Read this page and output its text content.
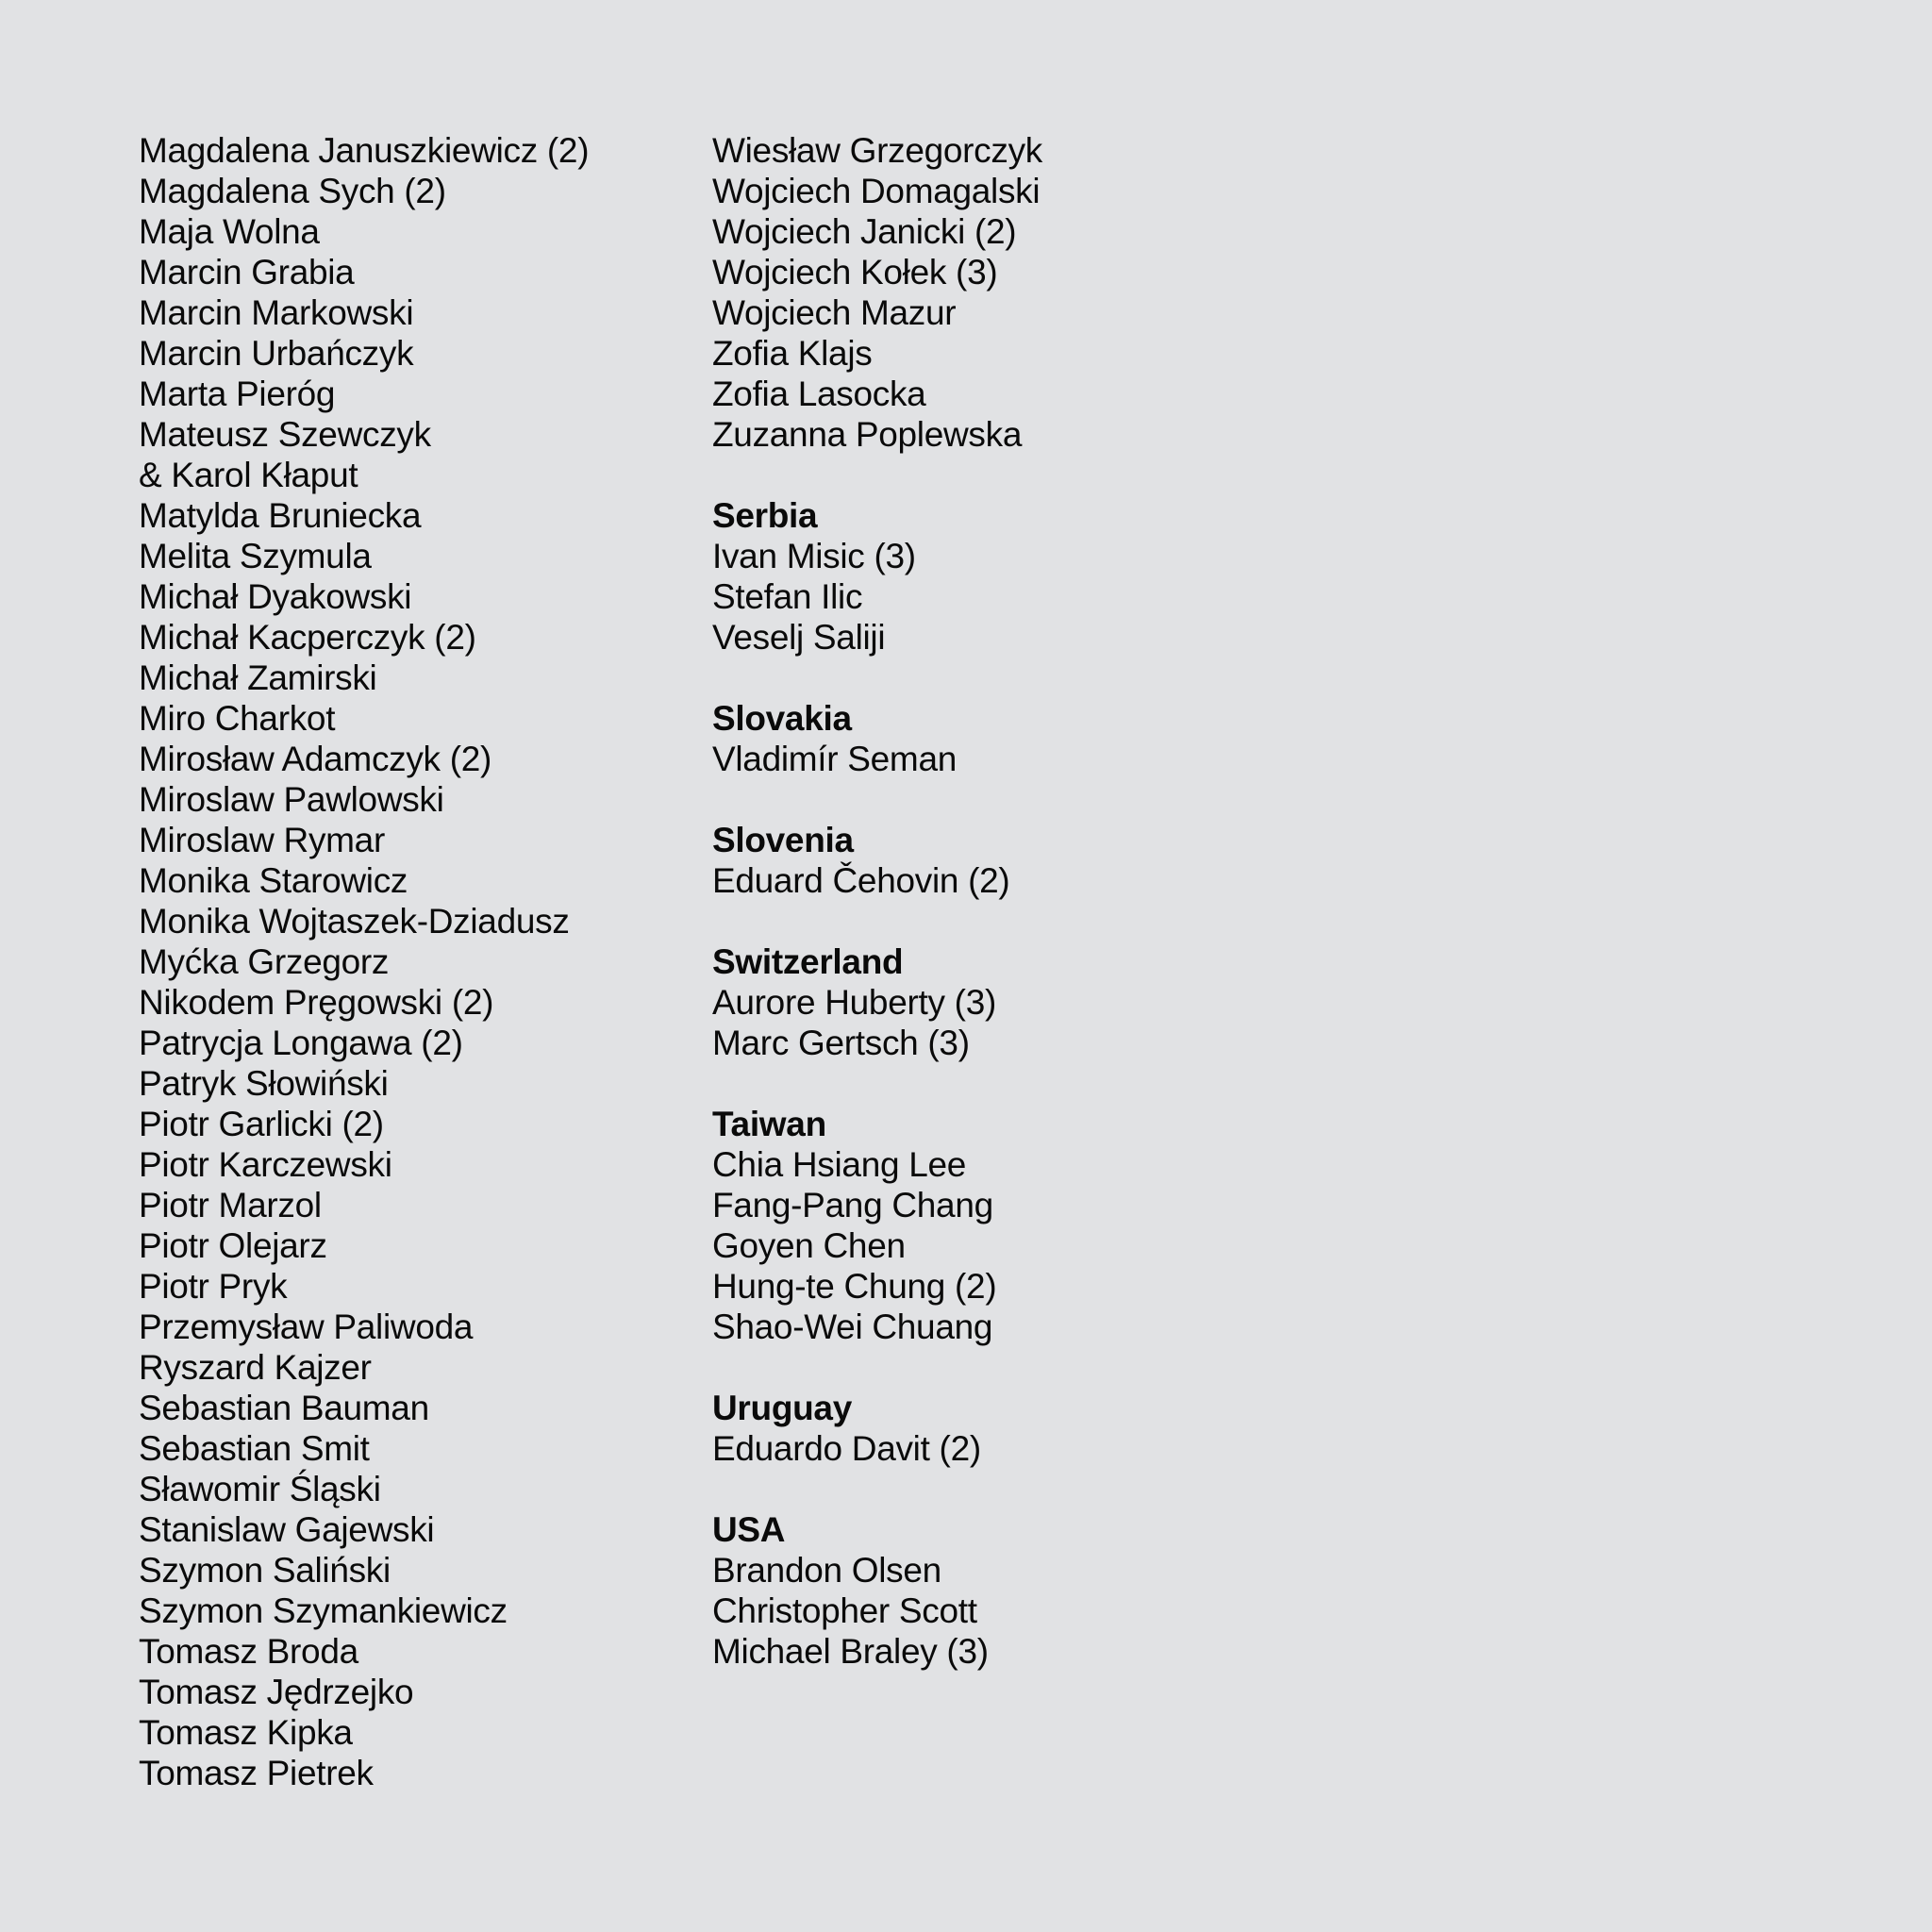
Magdalena Januszkiewicz (2)
Magdalena Sych (2)
Maja Wolna
Marcin Grabia
Marcin Markowski
Marcin Urbańczyk
Marta Pieróg
Mateusz Szewczyk
& Karol Kłaput
Matylda Bruniecka
Melita Szymula
Michał Dyakowski
Michał Kacperczyk (2)
Michał Zamirski
Miro Charkot
Mirosław Adamczyk (2)
Miroslaw Pawlowski
Miroslaw Rymar
Monika Starowicz
Monika Wojtaszek-Dziadusz
Myćka Grzegorz
Nikodem Pręgowski (2)
Patrycja Longawa (2)
Patryk Słowiński
Piotr Garlicki (2)
Piotr Karczewski
Piotr Marzol
Piotr Olejarz
Piotr Pryk
Przemysław Paliwoda
Ryszard Kajzer
Sebastian Bauman
Sebastian Smit
Sławomir Śląski
Stanislaw Gajewski
Szymon Saliński
Szymon Szymankiewicz
Tomasz Broda
Tomasz Jędrzejko
Tomasz Kipka
Tomasz Pietrek
Wiesław Grzegorczyk
Wojciech Domagalski
Wojciech Janicki (2)
Wojciech Kołek (3)
Wojciech Mazur
Zofia Klajs
Zofia Lasocka
Zuzanna Poplewska
Serbia
Ivan Misic (3)
Stefan Ilic
Veselj Saliji
Slovakia
Vladimír Seman
Slovenia
Eduard Čehovin (2)
Switzerland
Aurore Huberty (3)
Marc Gertsch (3)
Taiwan
Chia Hsiang Lee
Fang-Pang Chang
Goyen Chen
Hung-te Chung (2)
Shao-Wei Chuang
Uruguay
Eduardo Davit (2)
USA
Brandon Olsen
Christopher Scott
Michael Braley (3)
